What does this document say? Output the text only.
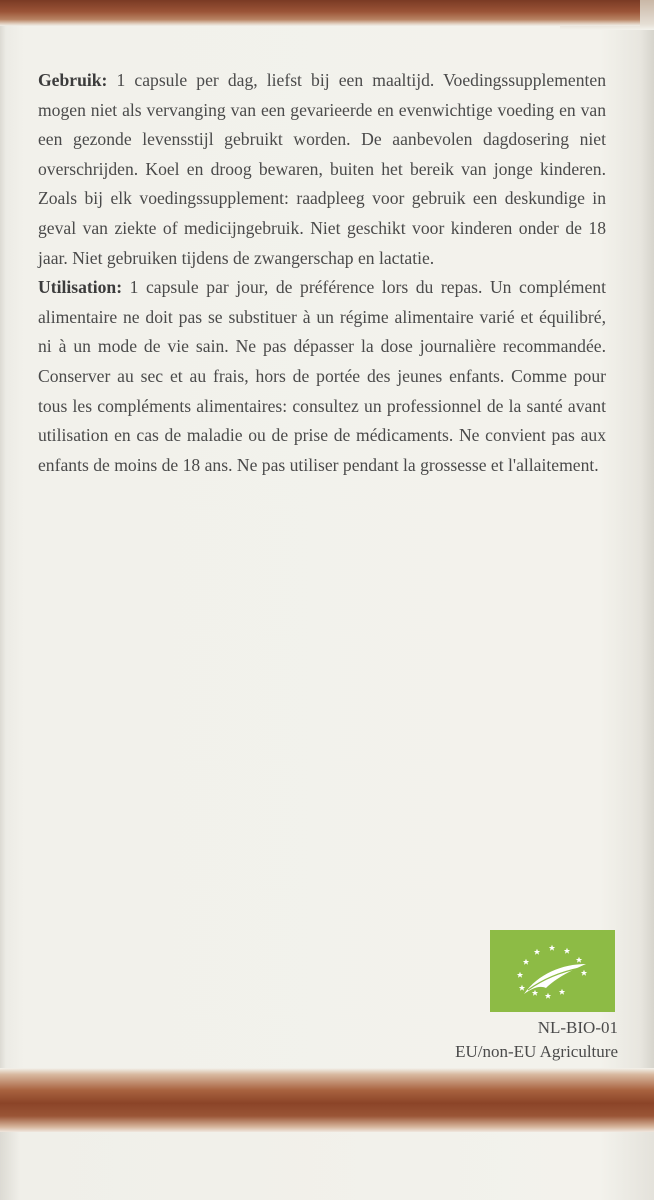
Gebruik: 1 capsule per dag, liefst bij een maaltijd. Voedingssupplementen mogen niet als vervanging van een gevarieerde en evenwichtige voeding en van een gezonde levensstijl gebruikt worden. De aanbevolen dagdosering niet overschrijden. Koel en droog bewaren, buiten het bereik van jonge kinderen. Zoals bij elk voedingssupplement: raadpleeg voor gebruik een deskundige in geval van ziekte of medicijngebruik. Niet geschikt voor kinderen onder de 18 jaar. Niet gebruiken tijdens de zwangerschap en lactatie.

Utilisation: 1 capsule par jour, de préférence lors du repas. Un complément alimentaire ne doit pas se substituer à un régime alimentaire varié et équilibré, ni à un mode de vie sain. Ne pas dépasser la dose journalière recommandée. Conserver au sec et au frais, hors de portée des jeunes enfants. Comme pour tous les compléments alimentaires: consultez un professionnel de la santé avant utilisation en cas de maladie ou de prise de médicaments. Ne convient pas aux enfants de moins de 18 ans. Ne pas utiliser pendant la grossesse et l'allaitement.

NL-BIO-01
EU/non-EU Agriculture
